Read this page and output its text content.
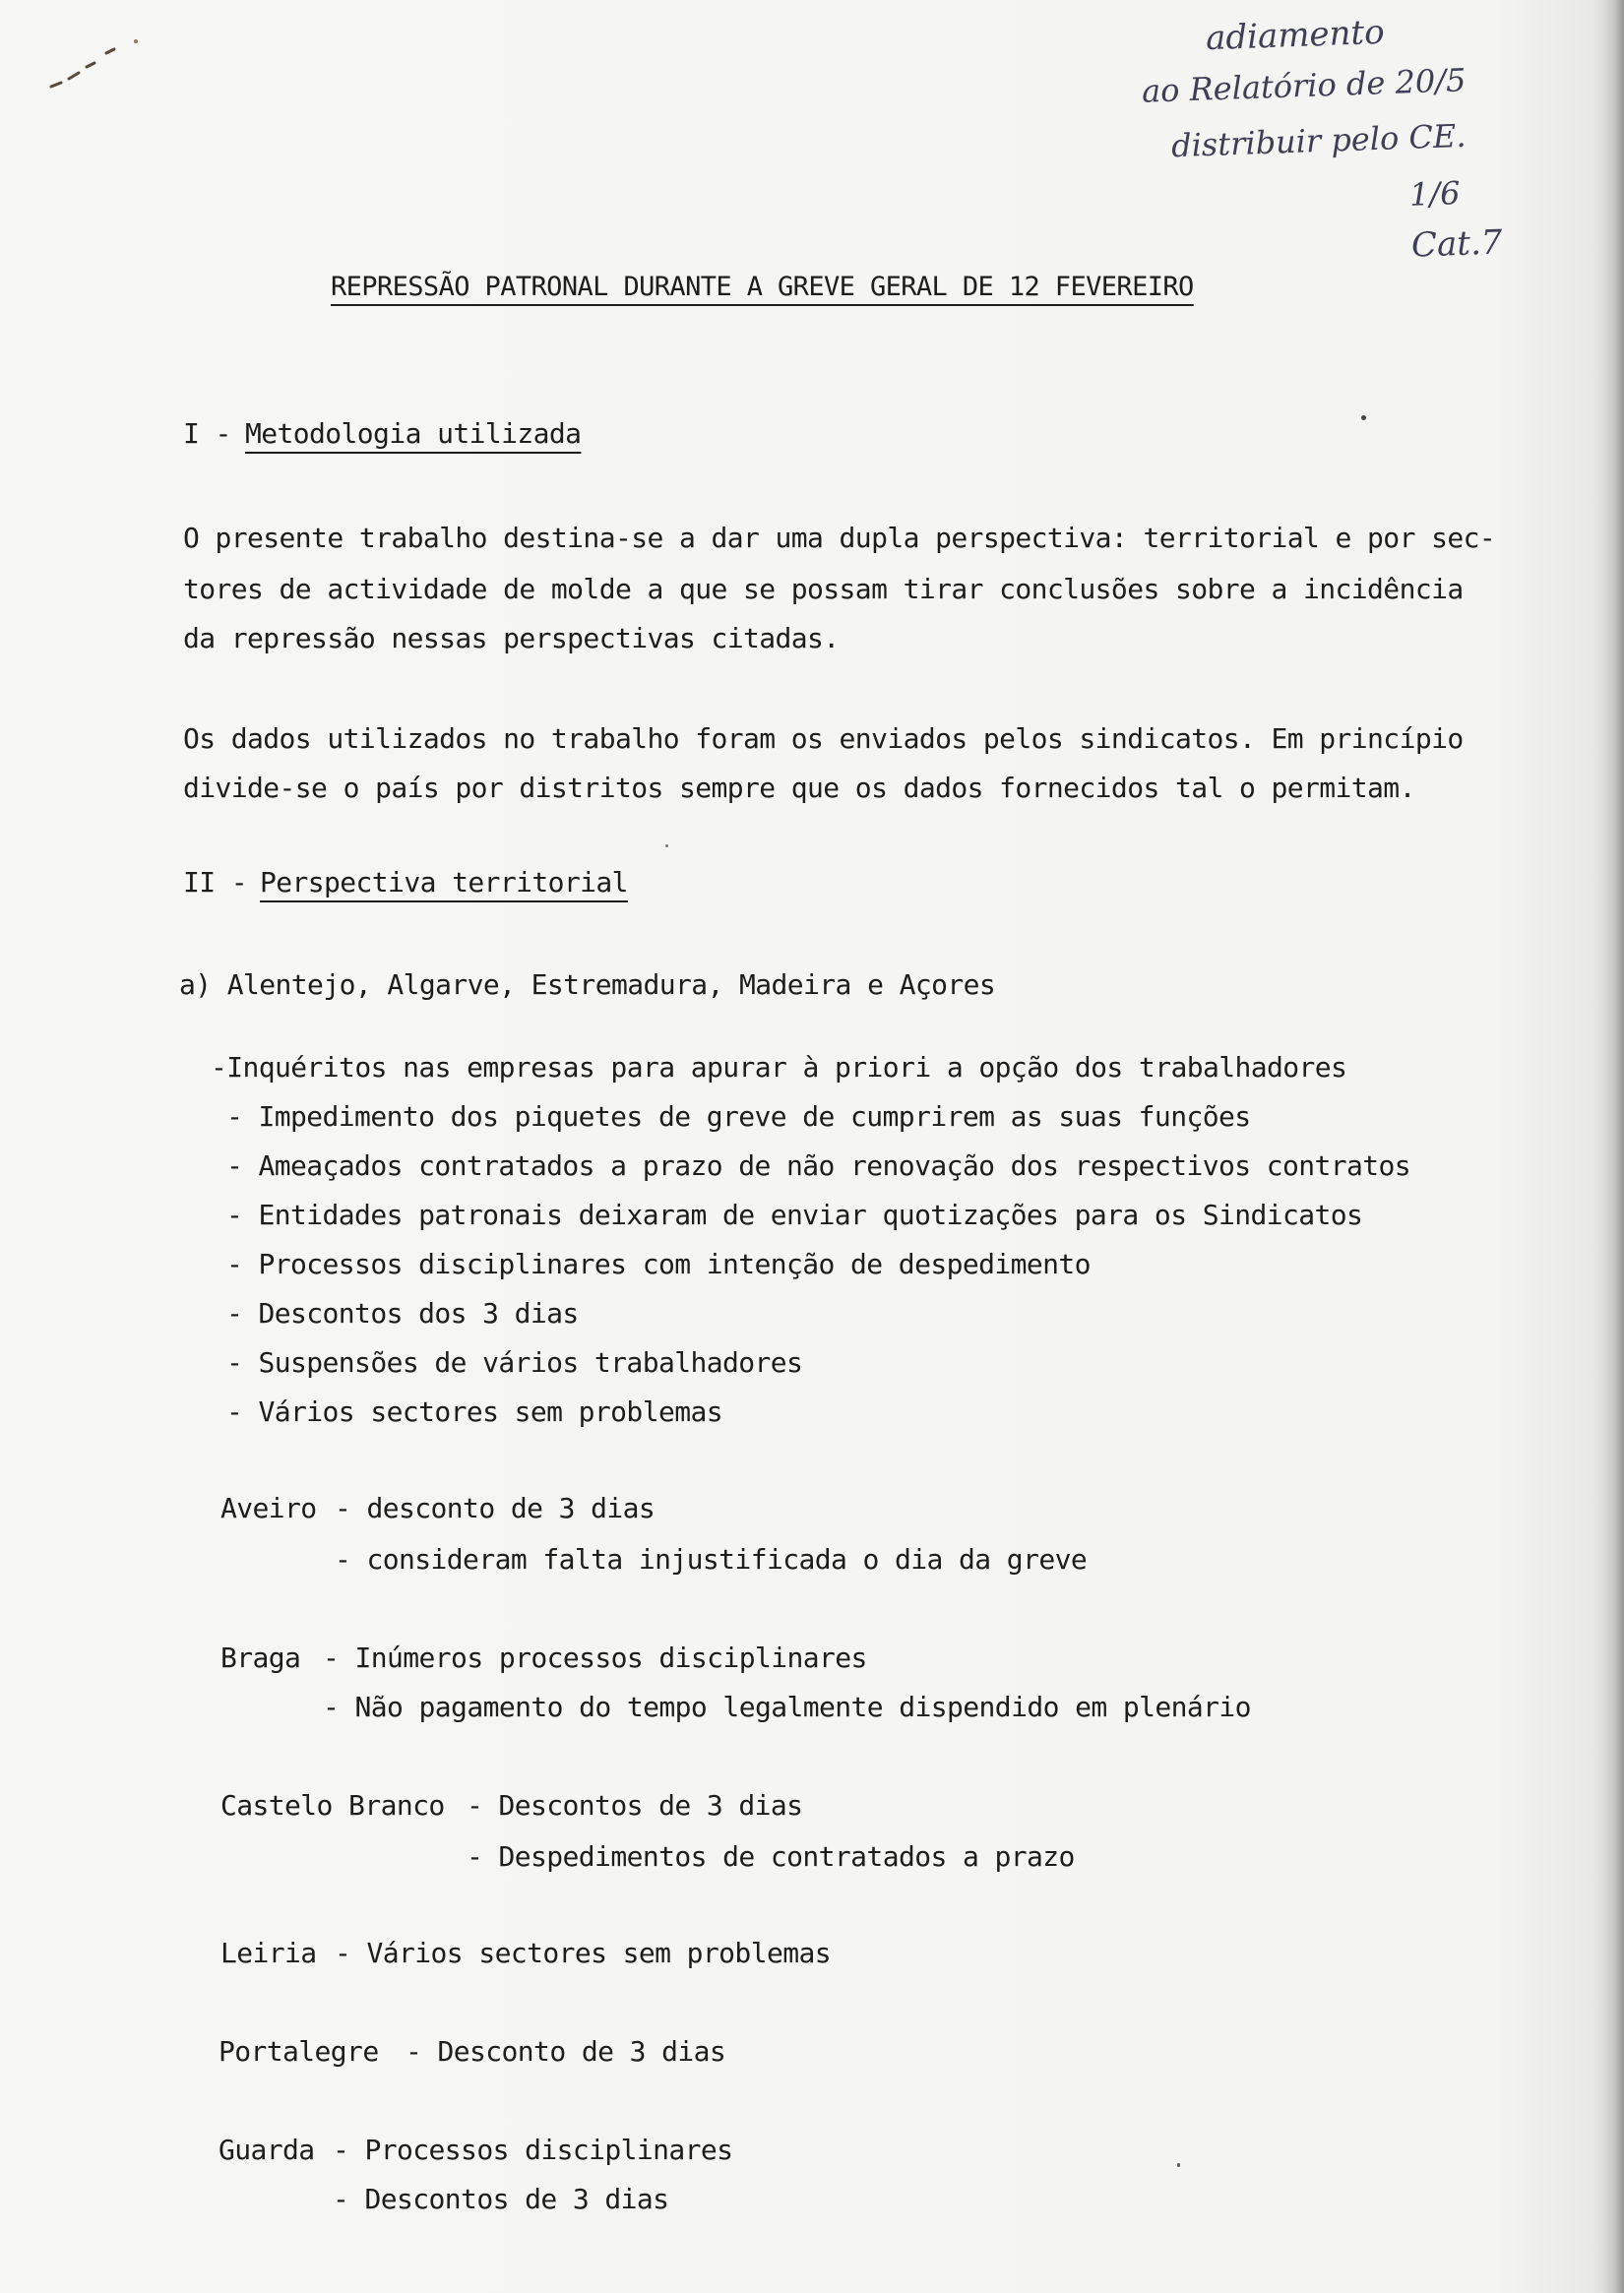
adiamento
ao Relatório de 20/5
distribuir pelo CE.
1/6
Cat.7
REPRESSÃO PATRONAL DURANTE A GREVE GERAL DE 12 FEVEREIRO
I -
Metodologia utilizada
O presente trabalho destina-se a dar uma dupla perspectiva: territorial e por sec-
tores de actividade de molde a que se possam tirar conclusões sobre a incidência
da repressão nessas perspectivas citadas.
Os dados utilizados no trabalho foram os enviados pelos sindicatos. Em princípio
divide-se o país por distritos sempre que os dados fornecidos tal o permitam.
II -
Perspectiva territorial
a) Alentejo, Algarve, Estremadura, Madeira e Açores
-Inquéritos nas empresas para apurar à priori a opção dos trabalhadores
- Impedimento dos piquetes de greve de cumprirem as suas funções
- Ameaçados contratados a prazo de não renovação dos respectivos contratos
- Entidades patronais deixaram de enviar quotizações para os Sindicatos
- Processos disciplinares com intenção de despedimento
- Descontos dos 3 dias
- Suspensões de vários trabalhadores
- Vários sectores sem problemas
Aveiro - desconto de 3 dias
- consideram falta injustificada o dia da greve
Braga - Inúmeros processos disciplinares
- Não pagamento do tempo legalmente dispendido em plenário
Castelo Branco - Descontos de 3 dias
- Despedimentos de contratados a prazo
Leiria - Vários sectores sem problemas
Portalegre - Desconto de 3 dias
Guarda - Processos disciplinares
- Descontos de 3 dias
